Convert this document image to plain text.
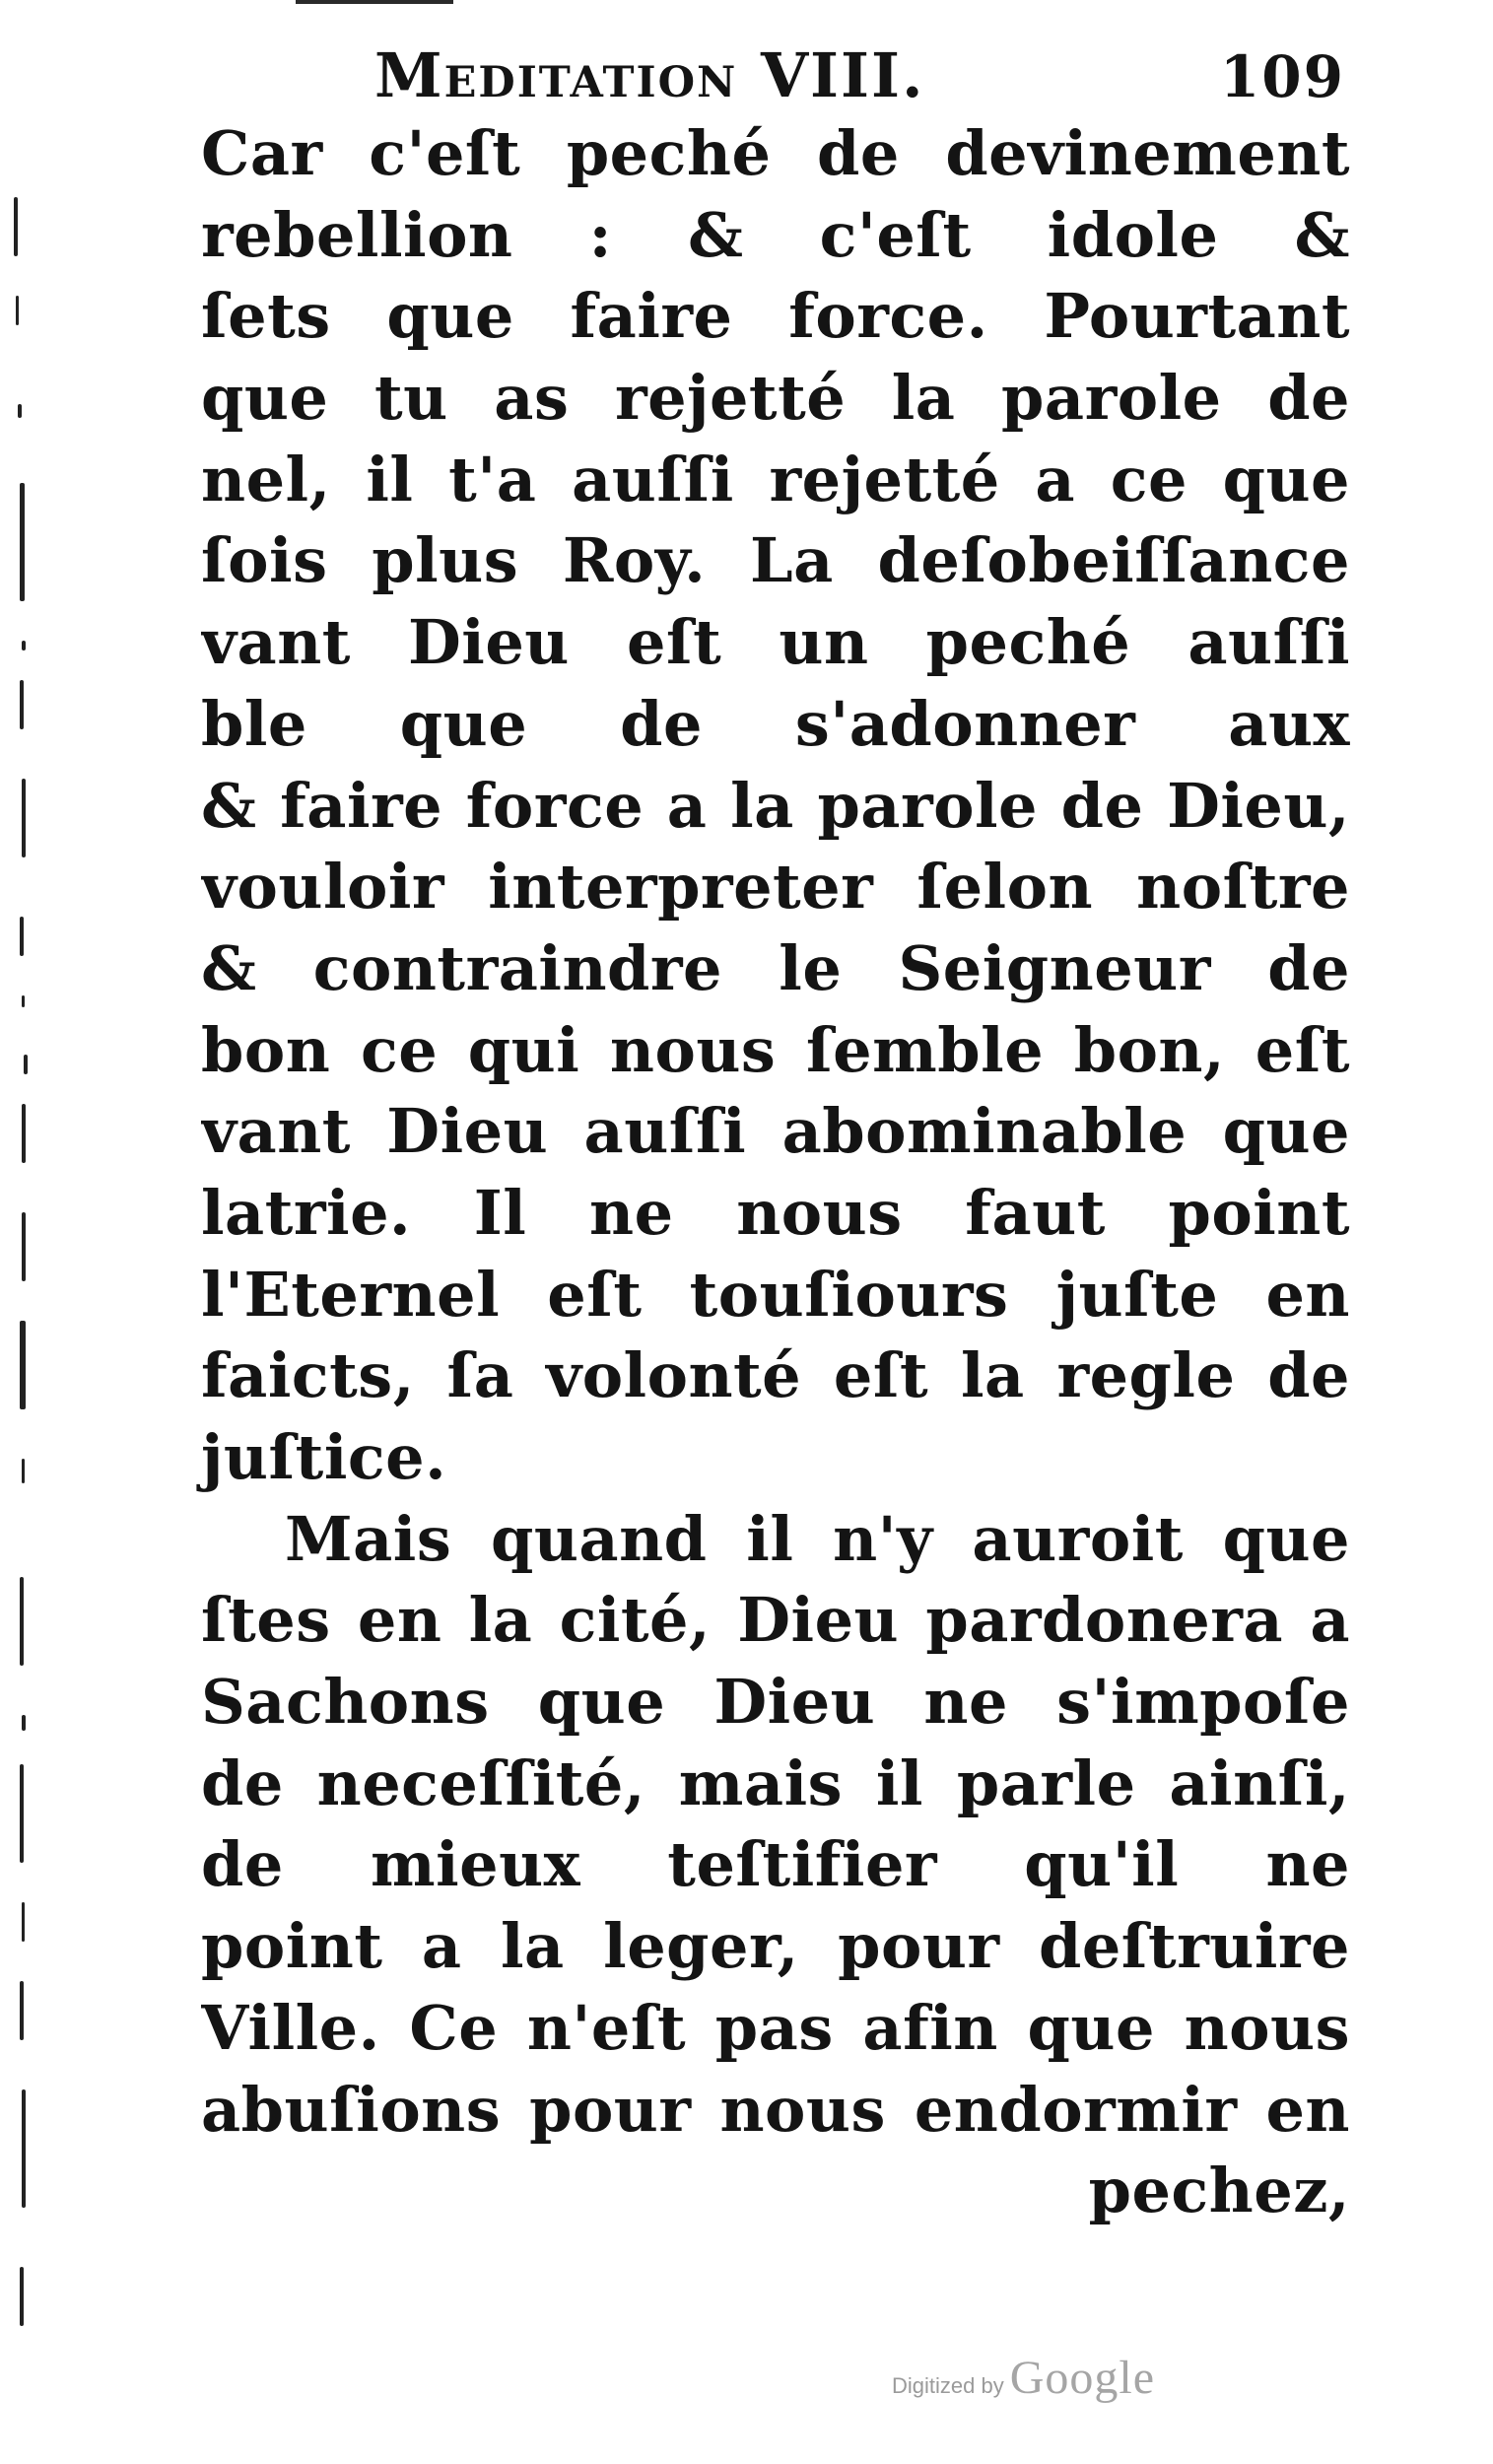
Meditation VIII.	109
Car c'eſt peché de devinement
rebellion : & c'eſt idole &
ſets que faire force. Pourtant
que tu as rejetté la parole de
nel, il t'a auſſi rejetté a ce que
ſois plus Roy. La deſobeiſſance
vant Dieu eſt un peché auſſi
ble que de s'adonner aux
& faire force a la parole de Dieu,
vouloir interpreter ſelon noſtre
& contraindre le Seigneur de
bon ce qui nous ſemble bon, eſt
vant Dieu auſſi abominable que
latrie. Il ne nous faut point
l'Eternel eſt touſiours juſte en
faicts, ſa volonté eſt la regle de
juſtice.
Mais quand il n'y auroit que
ſtes en la cité, Dieu pardonera a
Sachons que Dieu ne s'impoſe
de neceſſité, mais il parle ainſi,
de mieux teſtifier qu'il ne
point a la leger, pour deſtruire
Ville. Ce n'eſt pas afin que nous
abuſions pour nous endormir en
pechez,
Digitized by Google
